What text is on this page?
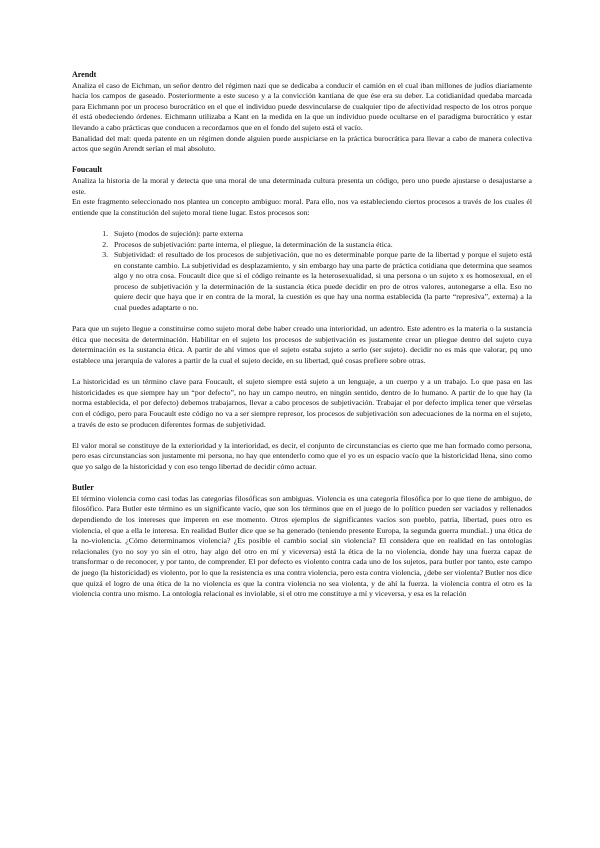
Arendt

Analiza el caso de Eichman, un señor dentro del régimen nazi que se dedicaba a conducir el camión en el cual iban millones de judíos diariamente hacia los campos de gaseado. Posteriormente a este suceso y a la convicción kantiana de que ése era su deber. La cotidianidad quedaba marcada para Eichmann por un proceso burocrático en el que el individuo puede desvincularse de cualquier tipo de afectividad respecto de los otros porque él está obedeciendo órdenes. Eichmann utilizaba a Kant en la medida en la que un individuo puede ocultarse en el paradigma burocrático y estar llevando a cabo prácticas que conducen a recordarnos que en el fondo del sujeto está el vacío.

Banalidad del mal: queda patente en un régimen donde alguien puede auspiciarse en la práctica burocrática para llevar a cabo de manera colectiva actos que según Arendt serían el mal absoluto.

Foucault

Analiza la historia de la moral y detecta que una moral de una determinada cultura presenta un código, pero uno puede ajustarse o desajustarse a este.

En este fragmento seleccionado nos plantea un concepto ambiguo: moral. Para ello, nos va estableciendo ciertos procesos a través de los cuales él entiende que la constitución del sujeto moral tiene lugar. Estos procesos son:

1. Sujeto (modos de sujeción): parte externa
2. Procesos de subjetivación: parte interna, el pliegue, la determinación de la sustancia ética.
3. Subjetividad: el resultado de los procesos de subjetivación, que no es determinable porque parte de la libertad y porque el sujeto está en constante cambio. La subjetividad es desplazamiento, y sin embargo hay una parte de práctica cotidiana que determina que seamos algo y no otra cosa. Foucault dice que si el código reinante es la heterosexualidad, si una persona o un sujeto x es homosexual, en el proceso de subjetivación y la determinación de la sustancia ética puede decidir en pro de otros valores, autonegarse a ella. Eso no quiere decir que haya que ir en contra de la moral, la cuestión es que hay una norma establecida (la parte “represiva”, externa) a la cual puedes adaptarte o no.

Para que un sujeto llegue a constituirse como sujeto moral debe haber creado una interioridad, un adentro. Este adentro es la materia o la sustancia ética que necesita de determinación. Habilitar en el sujeto los procesos de subjetivación es justamente crear un pliegue dentro del sujeto cuya determinación es la sustancia ética. A partir de ahí vimos que el sujeto estaba sujeto a serlo (ser sujeto). decidir no es más que valorar, pq uno establece una jerarquía de valores a partir de la cual el sujeto decide, en su libertad, qué cosas prefiere sobre otras.

La historicidad es un término clave para Foucault, el sujeto siempre está sujeto a un lenguaje, a un cuerpo y a un trabajo. Lo que pasa en las historicidades es que siempre hay un “por defecto”, no hay un campo neutro, en ningún sentido, dentro de lo humano. A partir de lo que hay (la norma establecida, el por defecto) debemos trabajarnos, llevar a cabo procesos de subjetivación. Trabajar el por defecto implica tener que vérselas con el código, pero para Foucault este código no va a ser siempre represor, los procesos de subjetivación son adecuaciones de la norma en el sujeto, a través de esto se producen diferentes formas de subjetividad.

El valor moral se constituye de la exterioridad y la interioridad, es decir, el conjunto de circunstancias es cierto que me han formado como persona, pero esas circunstancias son justamente mi persona, no hay que entenderlo como que el yo es un espacio vacío que la historicidad llena, sino como que yo salgo de la historicidad y con eso tengo libertad de decidir cómo actuar.

Butler

El término violencia como casi todas las categorías filosóficas son ambiguas. Violencia es una categoría filosófica por lo que tiene de ambiguo, de filosófico. Para Butler este término es un significante vacío, que son los términos que en el juego de lo político pueden ser vaciados y rellenados dependiendo de los intereses que imperen en ese momento. Otros ejemplos de significantes vacíos son pueblo, patria, libertad, pues otro es violencia, el que a ella le interesa. En realidad Butler dice que se ha generado (teniendo presente Europa, la segunda guerra mundial..) una ética de la no-violencia. ¿Cómo determinamos violencia? ¿Es posible el cambio social sin violencia? El considera que en realidad en las ontologías relacionales (yo no soy yo sin el otro, hay algo del otro en mí y viceversa) está la ética de la no violencia, donde hay una fuerza capaz de transformar o de reconocer, y por tanto, de comprender. El por defecto es violento contra cada uno de los sujetos, para butler por tanto, este campo de juego (la historicidad) es violento, por lo que la resistencia es una contra violencia, pero esta contra violencia, ¿debe ser violenta? Butler nos dice que quizá el logro de una ética de la no violencia es que la contra violencia no sea violenta, y de ahí la fuerza. la violencia contra el otro es la violencia contra uno mismo. La ontología relacional es inviolable, si el otro me constituye a mí y viceversa, y esa es la relación
